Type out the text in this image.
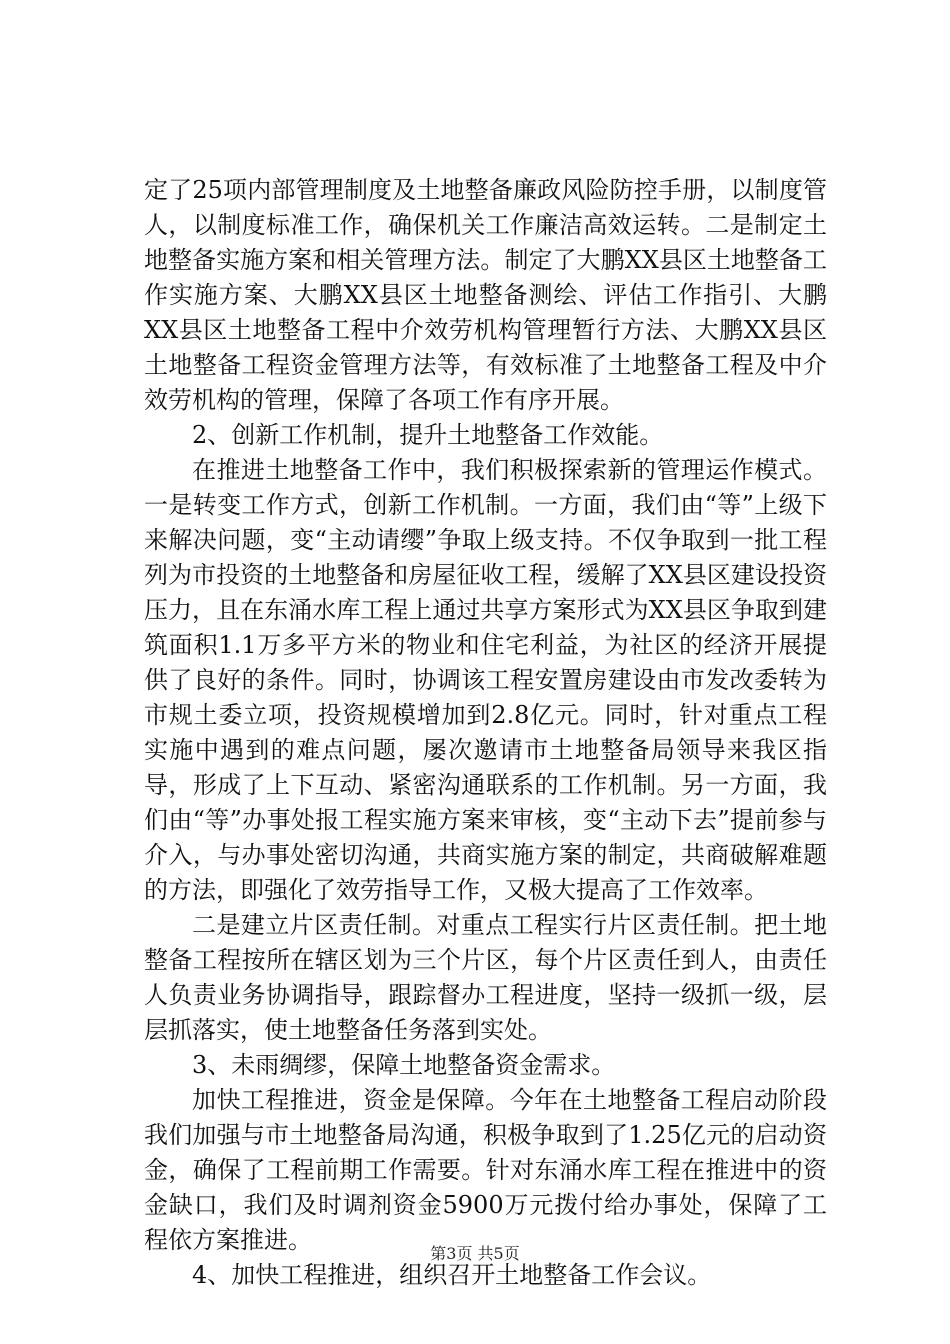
定了25项内部管理制度及土地整备廉政风险防控手册，以制度管人，以制度标准工作，确保机关工作廉洁高效运转。二是制定土地整备实施方案和相关管理方法。制定了大鹏XX县区土地整备工作实施方案、大鹏XX县区土地整备测绘、评估工作指引、大鹏XX县区土地整备工程中介效劳机构管理暂行方法、大鹏XX县区土地整备工程资金管理方法等，有效标准了土地整备工程及中介效劳机构的管理，保障了各项工作有序开展。

2、创新工作机制，提升土地整备工作效能。

在推进土地整备工作中，我们积极探索新的管理运作模式。一是转变工作方式，创新工作机制。一方面，我们由“等”上级下来解决问题，变“主动请缨”争取上级支持。不仅争取到一批工程列为市投资的土地整备和房屋征收工程，缓解了XX县区建设投资压力，且在东涌水库工程上通过共享方案形式为XX县区争取到建筑面积1.1万多平方米的物业和住宅利益，为社区的经济开展提供了良好的条件。同时，协调该工程安置房建设由市发改委转为市规土委立项，投资规模增加到2.8亿元。同时，针对重点工程实施中遇到的难点问题，屡次邀请市土地整备局领导来我区指导，形成了上下互动、紧密沟通联系的工作机制。另一方面，我们由“等”办事处报工程实施方案来审核，变“主动下去”提前参与介入，与办事处密切沟通，共商实施方案的制定，共商破解难题的方法，即强化了效劳指导工作，又极大提高了工作效率。

二是建立片区责任制。对重点工程实行片区责任制。把土地整备工程按所在辖区划为三个片区，每个片区责任到人，由责任人负责业务协调指导，跟踪督办工程进度，坚持一级抓一级，层层抓落实，使土地整备任务落到实处。

3、未雨绸缪，保障土地整备资金需求。

加快工程推进，资金是保障。今年在土地整备工程启动阶段我们加强与市土地整备局沟通，积极争取到了1.25亿元的启动资金，确保了工程前期工作需要。针对东涌水库工程在推进中的资金缺口，我们及时调剂资金5900万元拨付给办事处，保障了工程依方案推进。

4、加快工程推进，组织召开土地整备工作会议。

第3页 共5页
